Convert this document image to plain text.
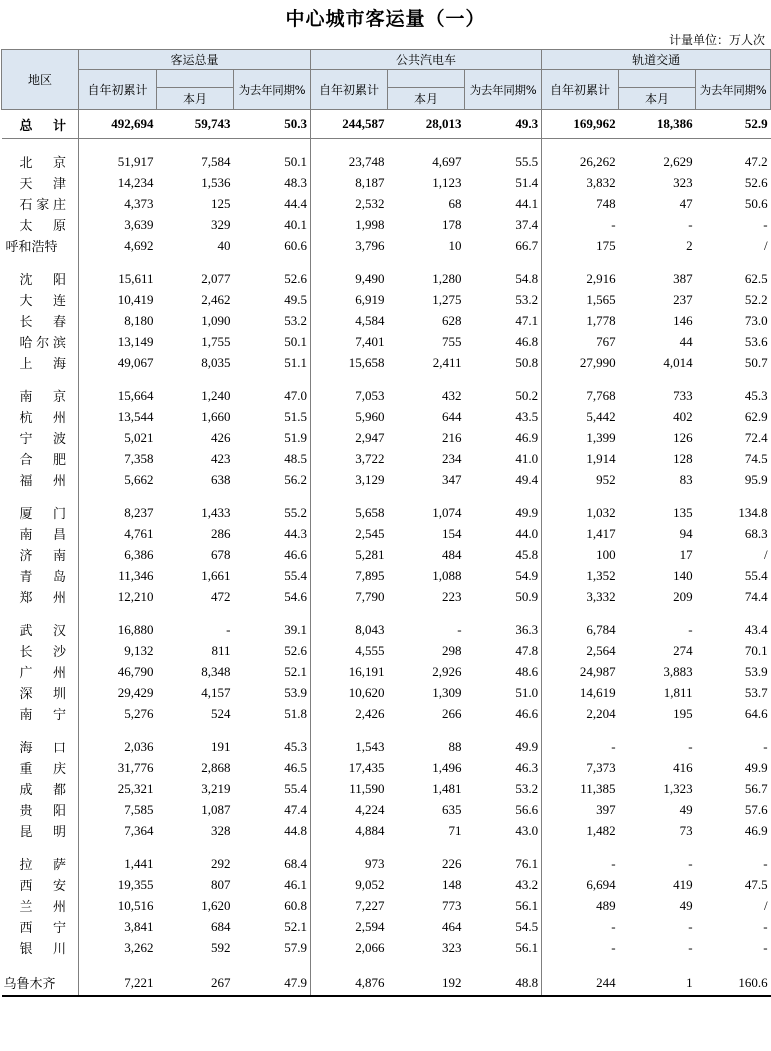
中心城市客运量（一）
计量单位：万人次
地区	客运总量			公共汽电车			轨道交通		
	自年初累计		为去年同期%	自年初累计		为去年同期%	自年初累计		为去年同期%
		本月			本月			本月	
总 计	492,694	59,743	50.3	244,587	28,013	49.3	169,962	18,386	52.9

北京	51,917	7,584	50.1	23,748	4,697	55.5	26,262	2,629	47.2
天津	14,234	1,536	48.3	8,187	1,123	51.4	3,832	323	52.6
石家庄	4,373	125	44.4	2,532	68	44.1	748	47	50.6
太原	3,639	329	40.1	1,998	178	37.4	-	-	-
呼和浩特	4,692	40	60.6	3,796	10	66.7	175	2	/

沈阳	15,611	2,077	52.6	9,490	1,280	54.8	2,916	387	62.5
大连	10,419	2,462	49.5	6,919	1,275	53.2	1,565	237	52.2
长春	8,180	1,090	53.2	4,584	628	47.1	1,778	146	73.0
哈尔滨	13,149	1,755	50.1	7,401	755	46.8	767	44	53.6
上海	49,067	8,035	51.1	15,658	2,411	50.8	27,990	4,014	50.7

南京	15,664	1,240	47.0	7,053	432	50.2	7,768	733	45.3
杭州	13,544	1,660	51.5	5,960	644	43.5	5,442	402	62.9
宁波	5,021	426	51.9	2,947	216	46.9	1,399	126	72.4
合肥	7,358	423	48.5	3,722	234	41.0	1,914	128	74.5
福州	5,662	638	56.2	3,129	347	49.4	952	83	95.9

厦门	8,237	1,433	55.2	5,658	1,074	49.9	1,032	135	134.8
南昌	4,761	286	44.3	2,545	154	44.0	1,417	94	68.3
济南	6,386	678	46.6	5,281	484	45.8	100	17	/
青岛	11,346	1,661	55.4	7,895	1,088	54.9	1,352	140	55.4
郑州	12,210	472	54.6	7,790	223	50.9	3,332	209	74.4

武汉	16,880	-	39.1	8,043	-	36.3	6,784	-	43.4
长沙	9,132	811	52.6	4,555	298	47.8	2,564	274	70.1
广州	46,790	8,348	52.1	16,191	2,926	48.6	24,987	3,883	53.9
深圳	29,429	4,157	53.9	10,620	1,309	51.0	14,619	1,811	53.7
南宁	5,276	524	51.8	2,426	266	46.6	2,204	195	64.6

海口	2,036	191	45.3	1,543	88	49.9	-	-	-
重庆	31,776	2,868	46.5	17,435	1,496	46.3	7,373	416	49.9
成都	25,321	3,219	55.4	11,590	1,481	53.2	11,385	1,323	56.7
贵阳	7,585	1,087	47.4	4,224	635	56.6	397	49	57.6
昆明	7,364	328	44.8	4,884	71	43.0	1,482	73	46.9

拉萨	1,441	292	68.4	973	226	76.1	-	-	-
西安	19,355	807	46.1	9,052	148	43.2	6,694	419	47.5
兰州	10,516	1,620	60.8	7,227	773	56.1	489	49	/
西宁	3,841	684	52.1	2,594	464	54.5	-	-	-
银川	3,262	592	57.9	2,066	323	56.1	-	-	-

乌鲁木齐	7,221	267	47.9	4,876	192	48.8	244	1	160.6
